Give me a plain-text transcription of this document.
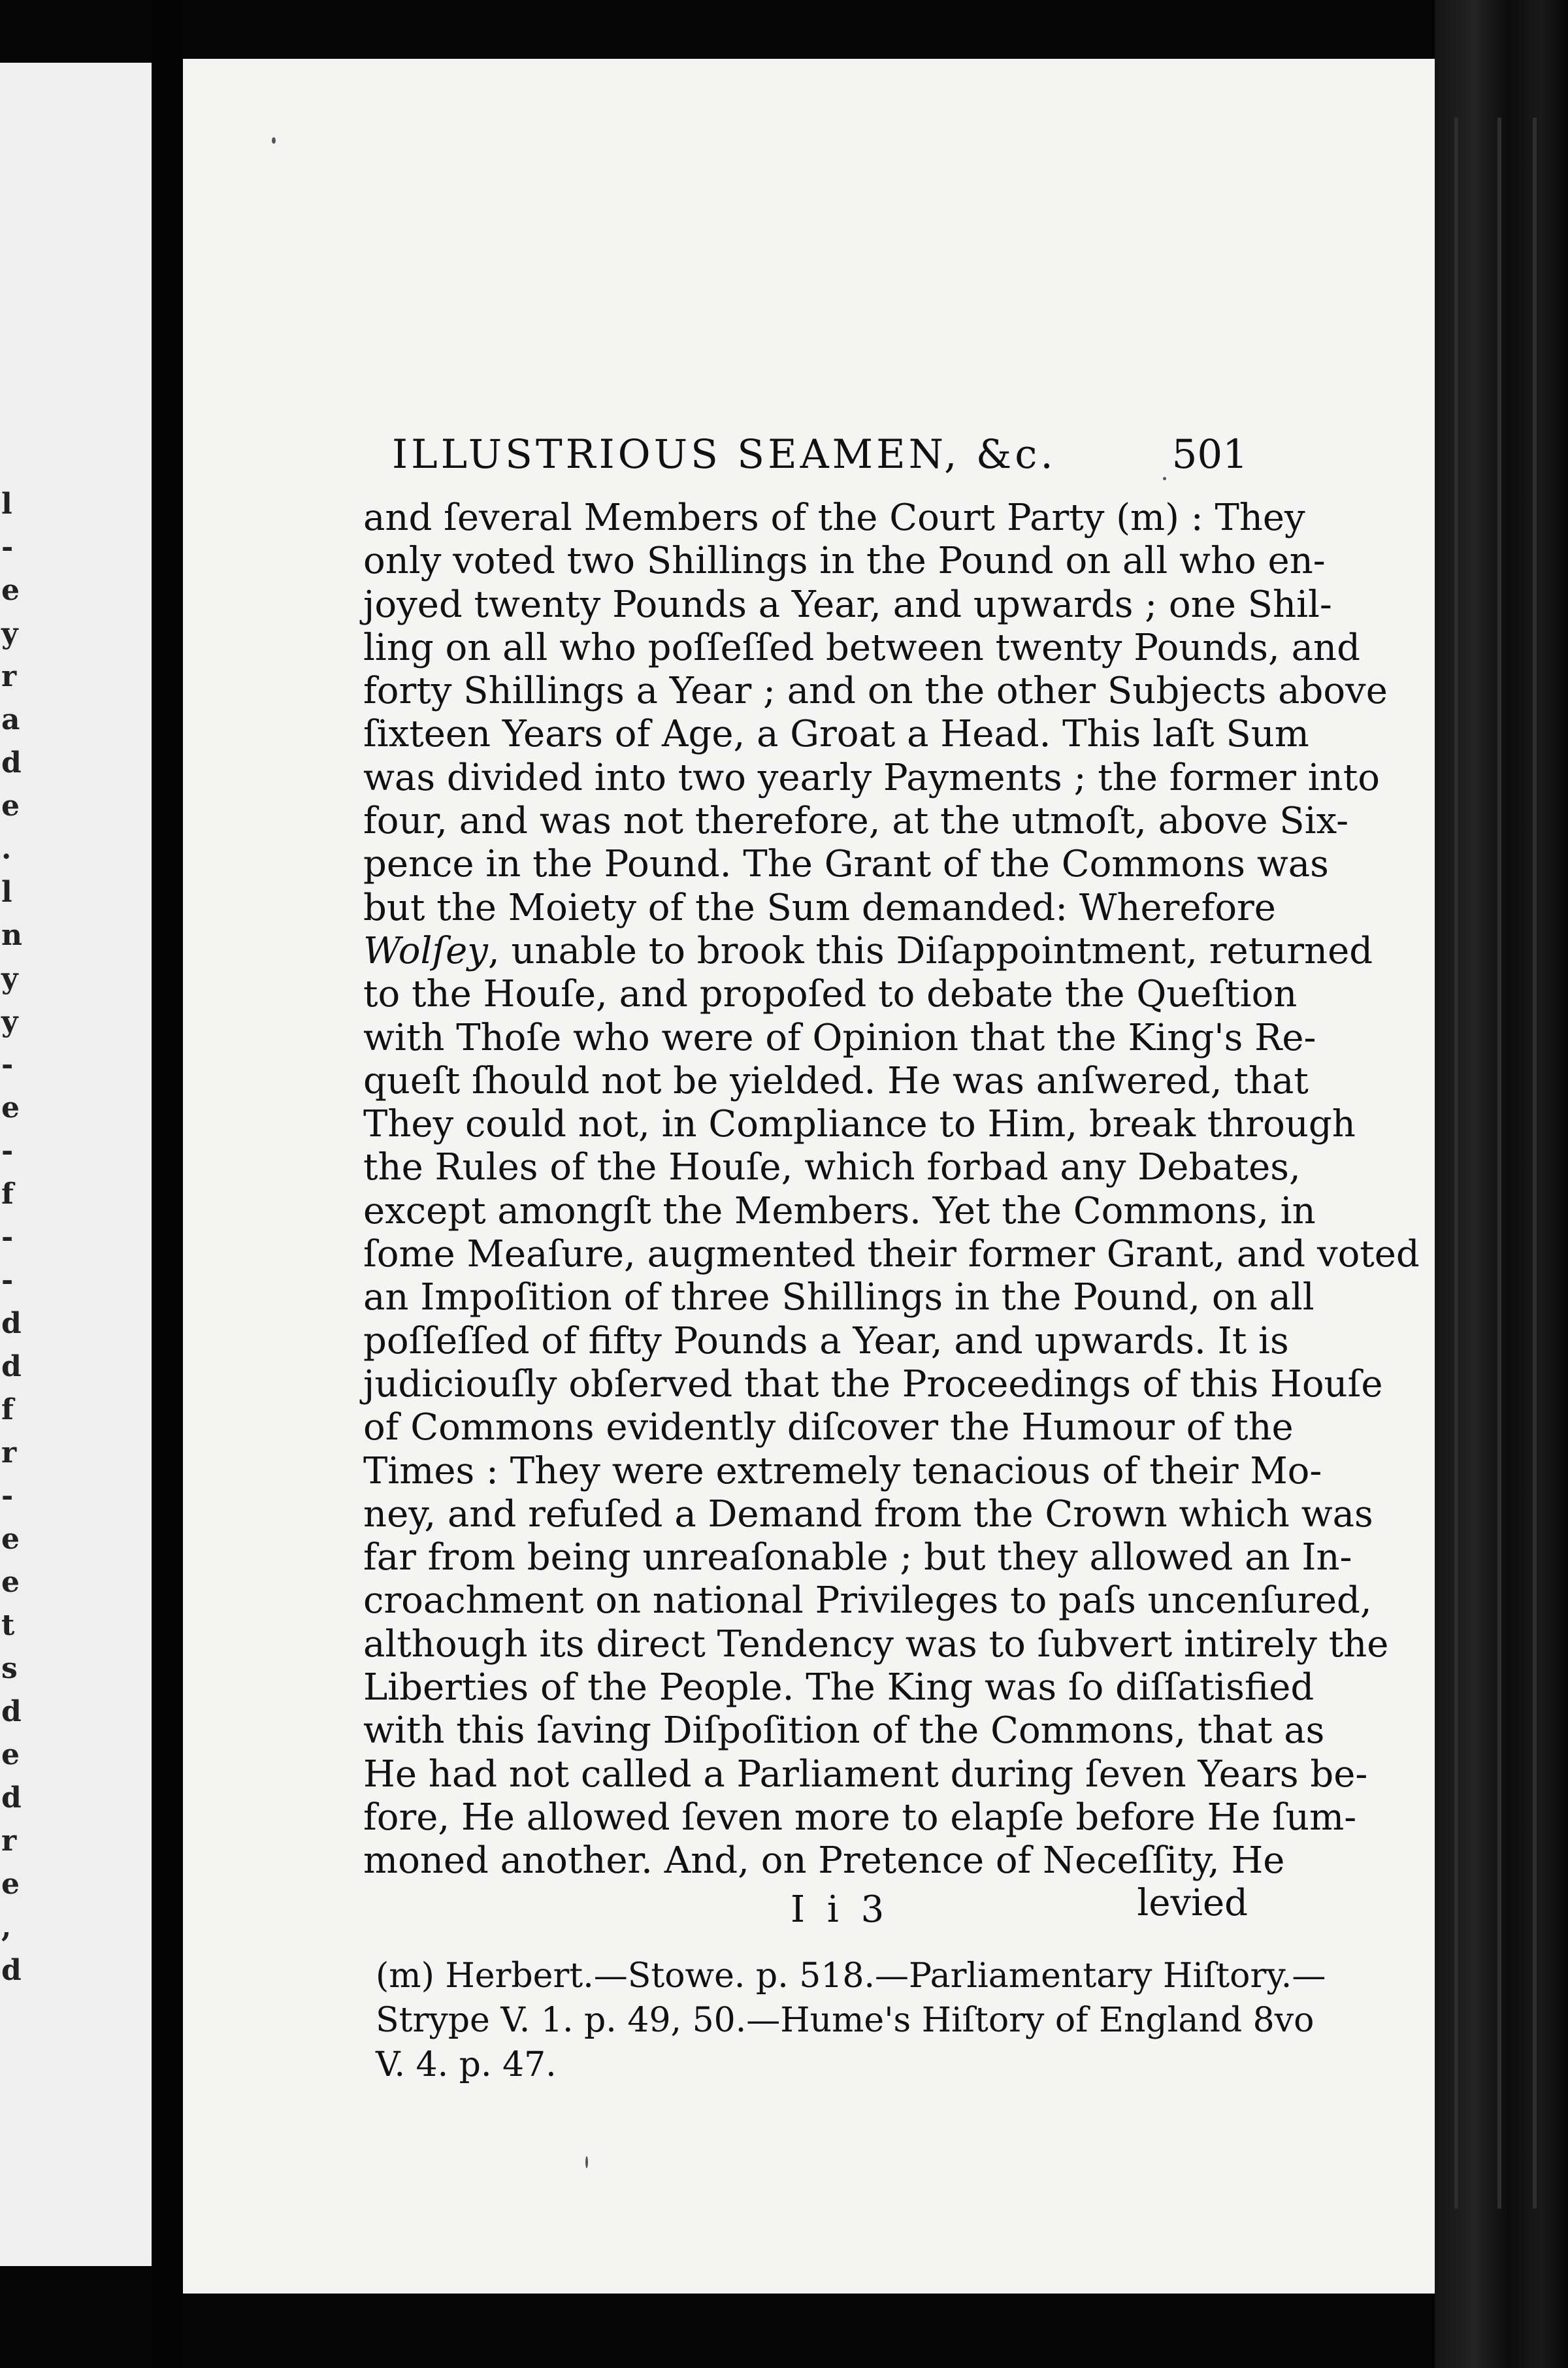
l
-
e
y
r
a
d
e
.
l
n
y
y
-
e
-
f
-
-
d
d
f
r
-
e
e
t
s
d
e
d
r
e
,
d
ILLUSTRIOUS SEAMEN, &c.	501
and ſeveral Members of the Court Party (m) : They
only voted two Shillings in the Pound on all who en-
joyed twenty Pounds a Year, and upwards ; one Shil-
ling on all who poſſeſſed between twenty Pounds, and
forty Shillings a Year ; and on the other Subjects above
ſixteen Years of Age, a Groat a Head. This laſt Sum
was divided into two yearly Payments ; the former into
four, and was not therefore, at the utmoſt, above Six-
pence in the Pound. The Grant of the Commons was
but the Moiety of the Sum demanded: Wherefore
Wolſey, unable to brook this Diſappointment, returned
to the Houſe, and propoſed to debate the Queſtion
with Thoſe who were of Opinion that the King's Re-
queſt ſhould not be yielded. He was anſwered, that
They could not, in Compliance to Him, break through
the Rules of the Houſe, which forbad any Debates,
except amongſt the Members. Yet the Commons, in
ſome Meaſure, augmented their former Grant, and voted
an Impoſition of three Shillings in the Pound, on all
poſſeſſed of fifty Pounds a Year, and upwards. It is
judiciouſly obſerved that the Proceedings of this Houſe
of Commons evidently diſcover the Humour of the
Times : They were extremely tenacious of their Mo-
ney, and refuſed a Demand from the Crown which was
far from being unreaſonable ; but they allowed an In-
croachment on national Privileges to paſs uncenſured,
although its direct Tendency was to ſubvert intirely the
Liberties of the People. The King was ſo diſſatisfied
with this ſaving Diſpoſition of the Commons, that as
He had not called a Parliament during ſeven Years be-
fore, He allowed ſeven more to elapſe before He ſum-
moned another. And, on Pretence of Neceſſity, He
I i 3	levied
(m) Herbert.—Stowe. p. 518.—Parliamentary Hiſtory.—
Strype V. 1. p. 49, 50.—Hume's Hiſtory of England 8vo
V. 4. p. 47.
